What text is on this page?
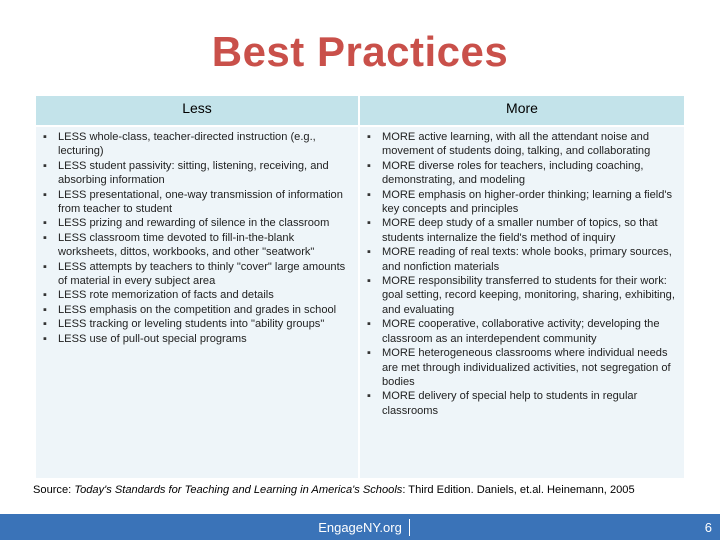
Best Practices
Less	More
▪ LESS whole-class, teacher-directed instruction (e.g., lecturing)
▪ LESS student passivity: sitting, listening, receiving, and absorbing information
▪ LESS presentational, one-way transmission of information from teacher to student
▪ LESS prizing and rewarding of silence in the classroom
▪ LESS classroom time devoted to fill-in-the-blank worksheets, dittos, workbooks, and other "seatwork"
▪ LESS attempts by teachers to thinly "cover" large amounts of material in every subject area
▪ LESS rote memorization of facts and details
▪ LESS emphasis on the competition and grades in school
▪ LESS tracking or leveling students into "ability groups"
▪ LESS use of pull-out special programs
▪ MORE active learning, with all the attendant noise and movement of students doing, talking, and collaborating
▪ MORE diverse roles for teachers, including coaching, demonstrating, and modeling
▪ MORE emphasis on higher-order thinking; learning a field's key concepts and principles
▪ MORE deep study of a smaller number of topics, so that students internalize the field's method of inquiry
▪ MORE reading of real texts: whole books, primary sources, and nonfiction materials
▪ MORE responsibility transferred to students for their work: goal setting, record keeping, monitoring, sharing, exhibiting, and evaluating
▪ MORE cooperative, collaborative activity; developing the classroom as an interdependent community
▪ MORE heterogeneous classrooms where individual needs are met through individualized activities, not segregation of bodies
▪ MORE delivery of special help to students in regular classrooms
Source: Today's Standards for Teaching and Learning in America's Schools: Third Edition. Daniels, et.al. Heinemann, 2005
EngageNY.org	6
